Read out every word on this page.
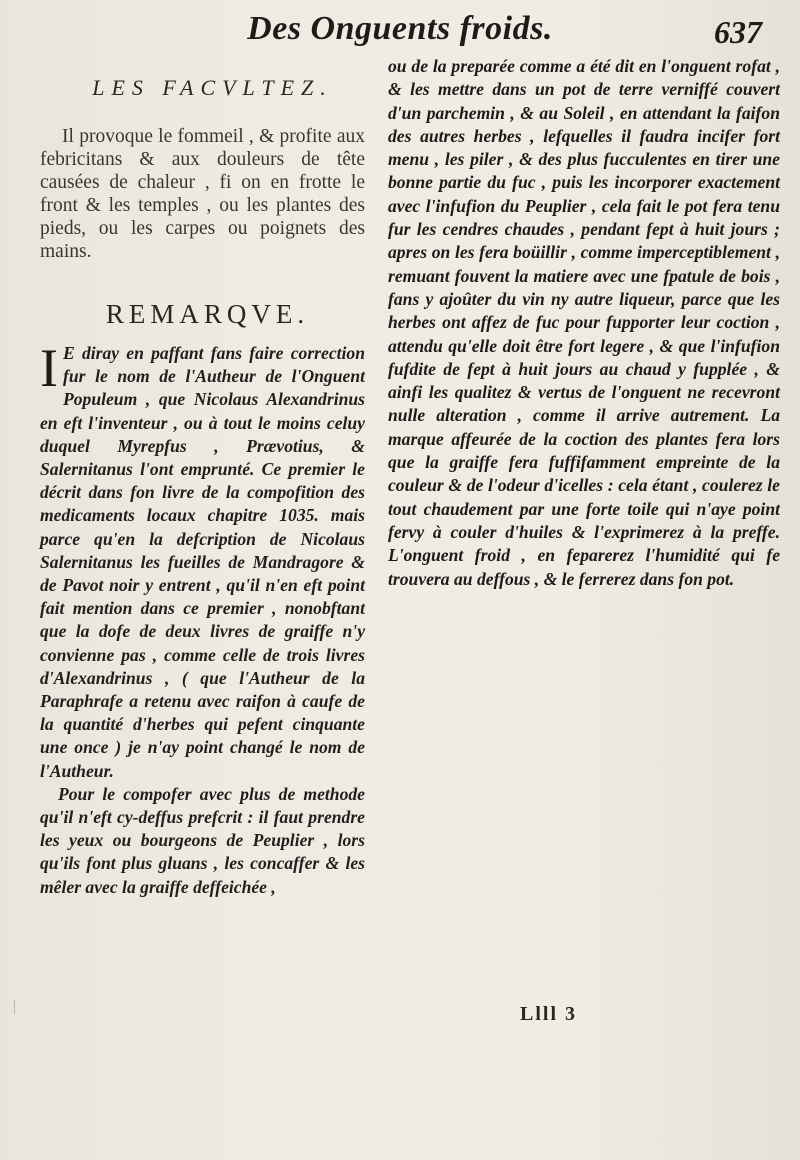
Des Onguents froids.	637
LES FACVLTEZ.

Il provoque le fommeil , & profite aux febricitans & aux douleurs de tête causées de chaleur , fi on en frotte le front & les temples , ou les plantes des pieds, ou les carpes ou poignets des mains.

REMARQVE.
I E diray en paffant fans faire correction fur le nom de l'Autheur de l'Onguent Populeum , que Nicolaus Alexandrinus en eft l'inventeur , ou à tout le moins celuy duquel Myrepfus , Prævotius, & Salernitanus l'ont emprunté. Ce premier le décrit dans fon livre de la compofition des medicaments locaux chapitre 1035. mais parce qu'en la defcription de Nicolaus Salernitanus les fueilles de Mandragore & de Pavot noir y entrent , qu'il n'en eft point fait mention dans ce premier , nonobftant que la dofe de deux livres de graiffe n'y convienne pas , comme celle de trois livres d'Alexandrinus , ( que l'Autheur de la Paraphrafe a retenu avec raifon à caufe de la quantité d'herbes qui pefent cinquante une once ) je n'ay point changé le nom de l'Autheur.

Pour le compofer avec plus de methode qu'il n'eft cy-deffus prefcrit : il faut prendre les yeux ou bourgeons de Peuplier , lors qu'ils font plus gluans , les concaffer & les mêler avec la graiffe deffeichée ,

ou de la preparée comme a été dit en l'onguent rofat , & les mettre dans un pot de terre verniffé couvert d'un parchemin , & au Soleil , en attendant la faifon des autres herbes , lefquelles il faudra incifer fort menu , les piler , & des plus fucculentes en tirer une bonne partie du fuc , puis les incorporer exactement avec l'infufion du Peuplier , cela fait le pot fera tenu fur les cendres chaudes , pendant fept à huit jours ; apres on les fera boüillir , comme imperceptiblement , remuant fouvent la matiere avec une fpatule de bois , fans y ajoûter du vin ny autre liqueur, parce que les herbes ont affez de fuc pour fupporter leur coction , attendu qu'elle doit être fort legere , & que l'infufion fufdite de fept à huit jours au chaud y fupplée , & ainfi les qualitez & vertus de l'onguent ne recevront nulle alteration , comme il arrive autrement. La marque affeurée de la coction des plantes fera lors que la graiffe fera fuffifamment empreinte de la couleur & de l'odeur d'icelles : cela étant , coulerez le tout chaudement par une forte toile qui n'aye point fervy à couler d'huiles & l'exprimerez à la preffe. L'onguent froid , en feparerez l'humidité qui fe trouvera au deffous , & le ferrerez dans fon pot.

Llll 3
